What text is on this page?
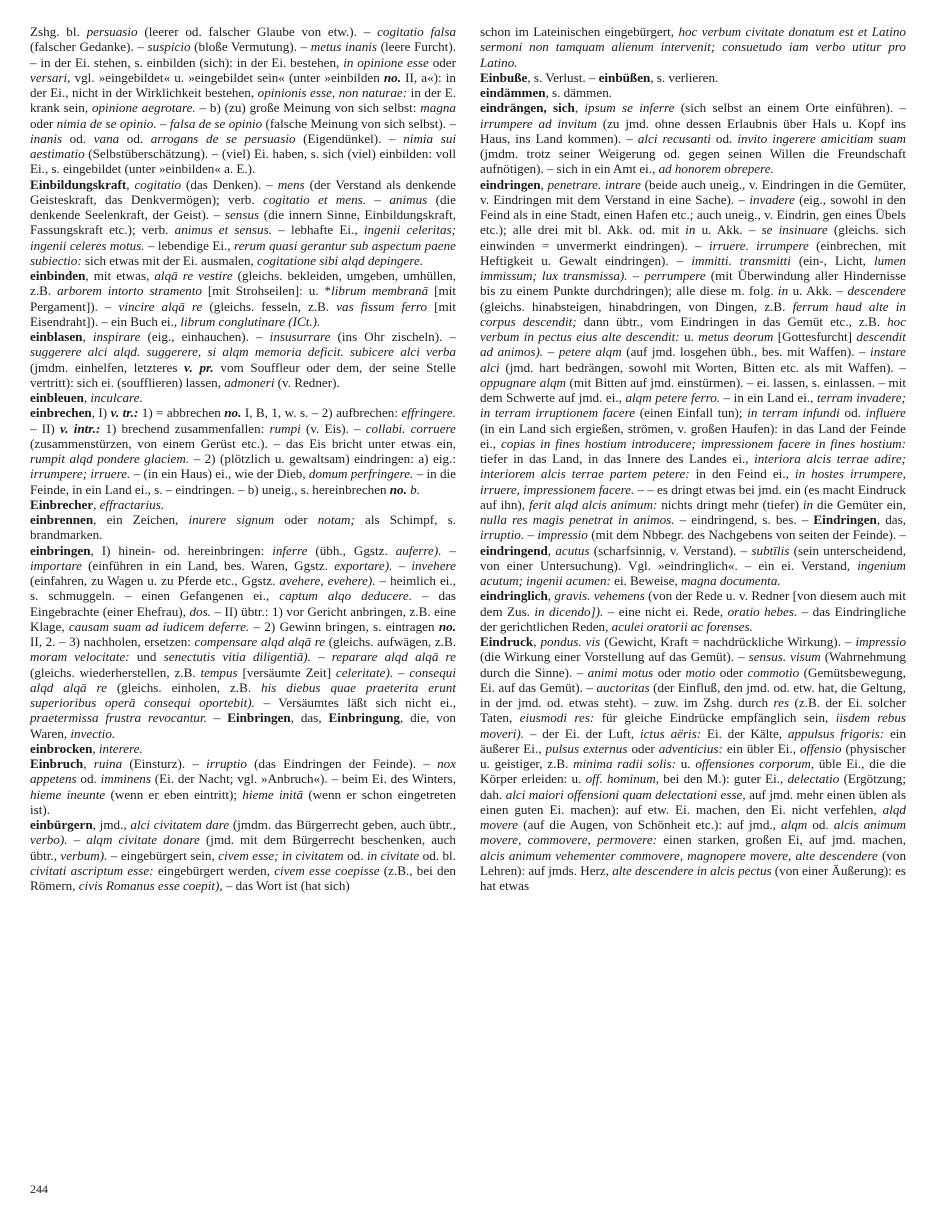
Zshg. bl. persuasio (leerer od. falscher Glaube von etw.). – cogi​tatio falsa (falscher Gedanke). – suspicio (bloße Vermutung). – metus inanis (leere Furcht). – in der Ei. stehen, s. einbilden (sich): in der Ei. bestehen, in opinione esse oder versari, vgl. »eingebildet« u. »eingebildet sein« (unter »einbilden no. II, a«): in der Ei., nicht in der Wirklichkeit bestehen, opinionis esse, non naturae: in der E. krank sein, opinione aegrotare. – b) (zu) große Meinung von sich selbst: magna oder nimia de se opinio. – falsa de se opinio (falsche Meinung von sich selbst). – inanis od. vana od. arrogans de se persuasio (Eigendünkel). – nimia sui aestimatio (Selbstüberschätzung). – (viel) Ei. haben, s. sich (viel) einbilden: voll Ei., s. eingebildet (unter »einbilden« a. E.).

Einbildungskraft, cogitatio (das Denken). – mens (der Verstand als denkende Geisteskraft, das Denkvermögen); verb. cogitatio et mens. – animus (die denkende Seelenkraft, der Geist). – sensus (die innern Sinne, Einbildungskraft, Fassungskraft etc.); verb. animus et sensus. – lebhafte Ei., ingenii celeritas; ingenii celeres motus. – lebendige Ei., rerum quasi gerantur sub aspectum paene subiectio: sich etwas mit der Ei. ausmalen, cogitatione sibi alqd depingere.

einbinden, mit etwas, alqā re vestire (gleichs. bekleiden, umgeben, umhüllen, z.B. arborem intorto stramento [mit Strohseilen]: u. *librum membranā [mit Pergament]). – vincire alqā re (gleichs. fesseln, z.B. vas fissum ferro [mit Eisendraht]). – ein Buch ei., librum conglutinare (ICt.).

einblasen, inspirare (eig., einhauchen). – insusurrare (ins Ohr zischeln). – suggerere alci alqd. suggerere, si alqm memoria deficit. subicere alci verba (jmdm. einhelfen, letzteres v. pr. vom Souffleur oder dem, der seine Stelle vertritt): sich ei. (soufflieren) lassen, admoneri (v. Redner).

einbleuen, inculcare.

einbrechen, I) v. tr.: 1) = abbrechen no. I, B, 1, w. s. – 2) aufbrechen: effringere. – II) v. intr.: 1) brechend zusammenfallen: rumpi (v. Eis). – collabi. corruere (zusammenstürzen, von einem Gerüst etc.). – das Eis bricht unter etwas ein, rumpit alqd pondere glaciem. – 2) (plötzlich u. gewaltsam) eindringen: a) eig.: irrumpere; irruere. – (in ein Haus) ei., wie der Dieb, domum perfringere. – in die Feinde, in ein Land ei., s. – eindringen. – b) uneig., s. hereinbrechen no. b.

Einbrecher, effractarius.

einbrennen, ein Zeichen, inurere signum oder notam; als Schimpf, s. brandmarken.

einbringen, I) hinein- od. hereinbringen: inferre (übh., Ggstz. auferre). – importare (einführen in ein Land, bes. Waren, Ggstz. exportare). – invehere (einfahren, zu Wagen u. zu Pferde etc., Ggstz. avehere, evehere). – heimlich ei., s. schmuggeln. – einen Gefangenen ei., captum alqo deducere. – das Eingebrachte (einer Ehefrau), dos. – II) übtr.: 1) vor Gericht anbringen, z.B. eine Klage, causam suam ad iudicem deferre. – 2) Gewinn bringen, s. eintragen no. II, 2. – 3) nachholen, ersetzen: compensare alqd alqā re (gleichs. aufwägen, z.B. moram velocitate: und senectutis vitia diligentiā). – reparare alqd alqā re (gleichs. wiederherstellen, z.B. tempus [versäumte Zeit] celeritate). – consequi alqd alqā re (gleichs. einholen, z.B. his diebus quae praeterita erunt superioribus operā consequi oportebit). – Versäumtes läßt sich nicht ei., praetermissa frustra revocantur. – Einbringen, das, Einbringung, die, von Waren, invectio.

einbrocken, interere.

Einbruch, ruina (Einsturz). – irruptio (das Eindringen der Feinde). – nox appetens od. imminens (Ei. der Nacht; vgl. »Anbruch«). – beim Ei. des Winters, hieme ineunte (wenn er eben eintritt); hieme initā (wenn er schon eingetreten ist).

einbürgern, jmd., alci civitatem dare (jmdm. das Bürgerrecht geben, auch übtr., verbo). – alqm civitate donare (jmd. mit dem Bürgerrecht beschenken, auch übtr., verbum). – eingebürgert sein, civem esse; in civitatem od. in civitate od. bl. civitati ascriptum esse: eingebürgert werden, civem esse coepisse (z.B., bei den Römern, civis Romanus esse coepit), – das Wort ist (hat sich)

schon im Lateinischen eingebürgert, hoc verbum civitate donatum est et Latino sermoni non tamquam alienum intervenit; consuetudo iam verbo utitur pro Latino.

Einbuße, s. Verlust. – einbüßen, s. verlieren.

eindämmen, s. dämmen.

eindrängen, sich, ipsum se inferre (sich selbst an einem Orte einführen). – irrumpere ad invitum (zu jmd. ohne dessen Erlaubnis über Hals u. Kopf ins Haus, ins Land kommen). – alci recusanti od. invito ingerere amicitiam suam (jmdm. trotz seiner Weigerung od. gegen seinen Willen die Freundschaft aufnötigen). – sich in ein Amt ei., ad honorem obrepere.

eindringen, penetrare. intrare (beide auch uneig., v. Eindringen in die Gemüter, v. Eindringen mit dem Verstand in eine Sache). – invadere (eig., sowohl in den Feind als in eine Stadt, einen Hafen etc.; auch uneig., v. Eindrin, gen eines Übels etc.); alle drei mit bl. Akk. od. mit in u. Akk. – se insinuare (gleichs. sich einwinden = unvermerkt eindringen). – irruere. irrumpere (einbrechen, mit Heftigkeit u. Gewalt eindringen). – immitti. transmitti (ein-, Licht, lumen immissum; lux transmissa). – perrumpere (mit Überwindung aller Hindernisse bis zu einem Punkte durchdringen); alle diese m. folg. in u. Akk. – descendere (gleichs. hinabsteigen, hinabdringen, von Dingen, z.B. ferrum haud alte in corpus descendit; dann übtr., vom Eindringen in das Gemüt etc., z.B. hoc verbum in pectus eius alte descendit: u. metus deorum [Gottesfurcht] descendit ad animos). – petere alqm (auf jmd. losgehen übh., bes. mit Waffen). – instare alci (jmd. hart bedrängen, sowohl mit Worten, Bitten etc. als mit Waffen). – oppugnare alqm (mit Bitten auf jmd. einstürmen). – ei. lassen, s. einlassen. – mit dem Schwerte auf jmd. ei., alqm petere ferro. – in ein Land ei., terram invadere; in terram irruptionem facere (einen Einfall tun); in terram infundi od. influere (in ein Land sich ergießen, strömen, v. großen Haufen): in das Land der Feinde ei., copias in fines hostium introducere; impressionem facere in fines hostium: tiefer in das Land, in das Innere des Landes ei., interiora alcis terrae adire; interiorem alcis terrae partem petere: in den Feind ei., in hostes irrumpere, irruere, impressionem facere. – – es dringt etwas bei jmd. ein (es macht Eindruck auf ihn), ferit alqd alcis animum: nichts dringt mehr (tiefer) in die Gemüter ein, nulla res magis penetrat in animos. – eindringend, s. bes. – Eindringen, das, irruptio. – impressio (mit dem Nbbegr. des Nachgebens von seiten der Feinde). – eindringend, acutus (scharfsinnig, v. Verstand). – subtīlis (sein unterscheidend, von einer Untersuchung). Vgl. »eindringlich«. – ein ei. Verstand, ingenium acutum; ingenii acumen: ei. Beweise, magna documenta.

eindringlich, gravis. vehemens (von der Rede u. v. Redner [von diesem auch mit dem Zus. in dicendo]). – eine nicht ei. Rede, oratio hebes. – das Eindringliche der gerichtlichen Reden, aculei oratorii ac forenses.

Eindruck, pondus. vis (Gewicht, Kraft = nachdrückliche Wirkung). – impressio (die Wirkung einer Vorstellung auf das Gemüt). – sensus. visum (Wahrnehmung durch die Sinne). – animi motus oder motio oder commotio (Gemütsbewegung, Ei. auf das Gemüt). – auctoritas (der Einfluß, den jmd. od. etw. hat, die Geltung, in der jmd. od. etwas steht). – zuw. im Zshg. durch res (z.B. der Ei. solcher Taten, eiusmodi res: für gleiche Eindrücke empfänglich sein, iisdem rebus moveri). – der Ei. der Luft, ictus aëris: Ei. der Kälte, appulsus frigoris: ein äußerer Ei., pulsus externus oder adventicius: ein übler Ei., offensio (physischer u. geistiger, z.B. minima radii solis: u. offensiones corporum, üble Ei., die die Körper erleiden: u. off. hominum, bei den M.): guter Ei., delectatio (Ergötzung; dah. alci maiori offensioni quam delectationi esse, auf jmd. mehr einen üblen als einen guten Ei. machen): auf etw. Ei. machen, den Ei. nicht verfehlen, alqd movere (auf die Augen, von Schönheit etc.): auf jmd., alqm od. alcis animum movere, commovere, permovere: einen starken, großen Ei, auf jmd. machen, alcis animum vehementer commovere, magnopere movere, alte descendere (von Lehren): auf jmds. Herz, alte descendere in alcis pectus (von einer Äußerung): es hat etwas

244
